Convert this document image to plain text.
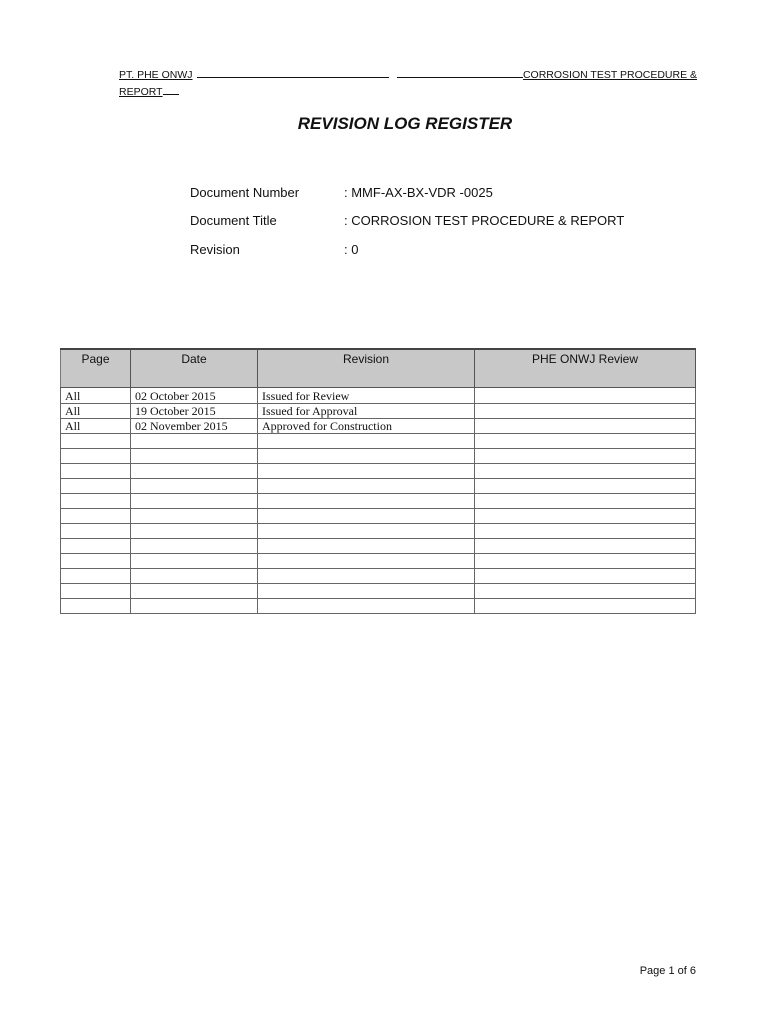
PT. PHE ONWJ	CORROSION TEST PROCEDURE &
REPORT
REVISION LOG REGISTER
Document Number	: MMF-AX-BX-VDR -0025
Document Title	: CORROSION TEST PROCEDURE & REPORT
Revision	: 0
Page	Date	Revision	PHE ONWJ Review
All	02 October 2015	Issued for Review	
All	19 October 2015	Issued for Approval	
All	02 November 2015	Approved for Construction	

Page 1 of 6
